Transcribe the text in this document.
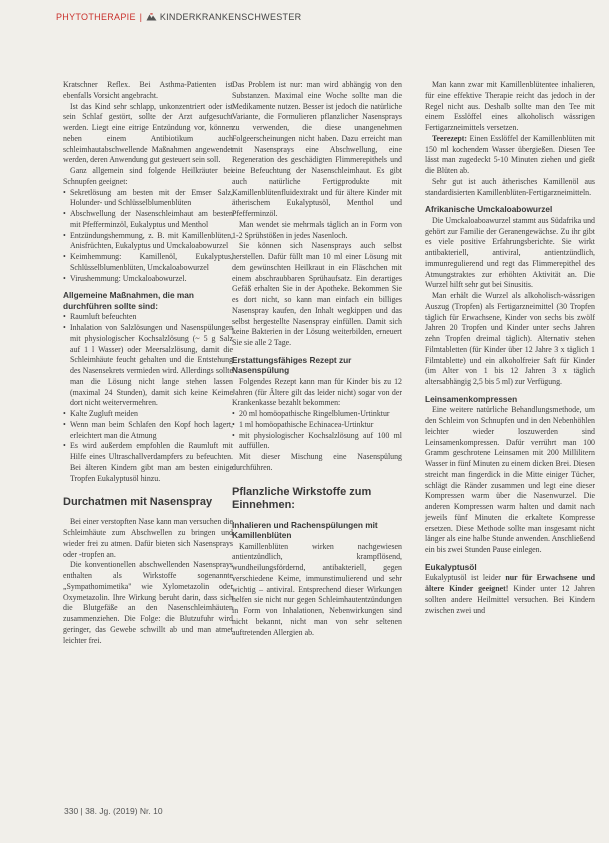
PHYTOTHERAPIE | KINDERKRANKENSCHWESTER

Kratschner Reflex. Bei Asthma-Patienten ist ebenfalls Vorsicht angebracht.

Ist das Kind sehr schlapp, unkonzentriert oder ist sein Schlaf gestört, sollte der Arzt aufgesucht werden. Liegt eine eitrige Entzündung vor, können neben einem Antibiotikum auch schleimhautabschwellende Maßnahmen angewendet werden, deren Anwendung gut gesteuert sein soll.

Ganz allgemein sind folgende Heilkräuter bei Schnupfen geeignet:

• Sekretlösung am besten mit der Emser Salz, Holunder- und Schlüsselblumenblüten
• Abschwellung der Nasenschleimhaut am besten mit Pfefferminzöl, Eukalyptus und Menthol
• Entzündungshemmung, z. B. mit Kamillenblüten, Anisfrüchten, Eukalyptus und Umckaloabowurzel
• Keimhemmung: Kamillenöl, Eukalyptus, Schlüsselblumenblüten, Umckaloabowurzel
• Virushemmung: Umckaloabowurzel.
Allgemeine Maßnahmen, die man durchführen sollte sind:
• Raumluft befeuchten
• Inhalation von Salzlösungen und Nasenspülungen mit physiologischer Kochsalzlösung (~ 5 g Salz auf 1 l Wasser) oder Meersalzlösung, damit die Schleimhäute feucht gehalten und die Entstehung des Nasensekrets vermieden wird. Allerdings sollte man die Lösung nicht lange stehen lassen (maximal 24 Stunden), damit sich keine Keime dort nicht weitervermehren.
• Kalte Zugluft meiden
• Wenn man beim Schlafen den Kopf hoch lagert, erleichtert man die Atmung
• Es wird außerdem empfohlen die Raumluft mit Hilfe eines Ultraschallverdampfers zu befeuchten. Bei älteren Kindern gibt man am besten einige Tropfen Eukalyptusöl hinzu.
Durchatmen mit Nasenspray

Bei einer verstopften Nase kann man versuchen die Schleimhäute zum Abschwellen zu bringen und wieder frei zu atmen. Dafür bieten sich Nasensprays oder -tropfen an.

Die konventionellen abschwellenden Nasensprays enthalten als Wirkstoffe sogenannte „Sympathomimetika" wie Xylometazolin oder Oxymetazolin. Ihre Wirkung beruht darin, dass sich die Blutgefäße an den Nasenschleimhäuten zusammenziehen. Die Folge: die Blutzufuhr wird geringer, das Gewebe schwillt ab und man atmet leichter frei.

Das Problem ist nur: man wird abhängig von den Substanzen. Maximal eine Woche sollte man die Medikamente nutzen. Besser ist jedoch die natürliche Variante, die Formulieren pflanzlicher Nasensprays zu verwenden, die diese unangenehmen Folgeerscheinungen nicht haben. Dazu erreicht man mit Nasensprays eine Abschwellung, eine Regeneration des geschädigten Flimmerepithels und eine Befeuchtung der Nasenschleimhaut. Es gibt auch natürliche Fertigprodukte mit Kamillenblütenfluidextrakt und für ältere Kinder mit ätherischem Eukalyptusöl, Menthol und Pfefferminzöl.

Man wendet sie mehrmals täglich an in Form von 1-2 Sprühstößen in jedes Nasenloch.

Sie können sich Nasensprays auch selbst herstellen. Dafür füllt man 10 ml einer Lösung mit dem gewünschten Heilkraut in ein Fläschchen mit einem abschraubbaren Sprühaufsatz. Ein derartiges Gefäß erhalten Sie in der Apotheke. Bekommen Sie es dort nicht, so kann man einfach ein billiges Nasenspray kaufen, den Inhalt wegkippen und das selbst hergestellte Nasenspray einfüllen. Damit sich keine Bakterien in der Lösung weiterbilden, erneuert Sie sie alle 2 Tage.

Erstattungsfähiges Rezept zur Nasenspülung

Folgendes Rezept kann man für Kinder bis zu 12 Jahren (für Ältere gilt das leider nicht) sogar von der Krankenkasse bezahlt bekommen:

• 20 ml homöopathische Ringelblumen-Urtinktur
• 1 ml homöopathische Echinacea-Urtinktur
• mit physiologischer Kochsalzlösung auf 100 ml auffüllen.

Mit dieser Mischung eine Nasenspülung durchführen.

Pflanzliche Wirkstoffe zum Einnehmen:
Inhalieren und Rachenspülungen mit Kamillenblüten

Kamillenblüten wirken nachgewiesen antientzündlich, krampflösend, wundheilungsfördernd, antibakteriell, gegen verschiedene Keime, immunstimulierend und sehr wichtig – antiviral. Entsprechend dieser Wirkungen helfen sie nicht nur gegen Schleimhautentzündungen in Form von Inhalationen, Nebenwirkungen sind nicht bekannt, nicht man von sehr seltenen auftretenden Allergien ab.

Man kann zwar mit Kamillenblütentee inhalieren, für eine effektive Therapie reicht das jedoch in der Regel nicht aus. Deshalb sollte man den Tee mit einem Esslöffel eines alkoholisch wässrigen Fertigarzneimittels versetzen.

Teerezept: Einen Esslöffel der Kamillenblüten mit 150 ml kochendem Wasser übergießen. Diesen Tee lässt man zugedeckt 5-10 Minuten ziehen und gießt die Blüten ab.

Sehr gut ist auch ätherisches Kamillenöl aus standardisierten Kamillenblüten-Fertigarzneimitteln.

Afrikanische Umckaloabowurzel

Die Umckaloaboawurzel stammt aus Südafrika und gehört zur Familie der Geranengewächse. Zu ihr gibt es viele positive Erfahrungsberichte. Sie wirkt antibakteriell, antiviral, antientzündlich, immunregulierend und regt das Flimmerepithel des Atmungstraktes zur erhöhten Aktivität an. Die Wurzel hilft sehr gut bei Sinusitis.

Man erhält die Wurzel als alkoholisch-wässrigen Auszug (Tropfen) als Fertigarzneimittel (30 Tropfen täglich für Erwachsene, Kinder von sechs bis zwölf Jahren 20 Tropfen und Kinder unter sechs Jahren zehn Tropfen dreimal täglich). Alternativ stehen Filmtabletten (für Kinder über 12 Jahre 3 x täglich 1 Filmtablette) und ein alkoholfreier Saft für Kinder (im Alter von 1 bis 12 Jahren 3 x täglich altersabhängig 2,5 bis 5 ml) zur Verfügung.

Leinsamenkompressen

Eine weitere natürliche Behandlungsmethode, um den Schleim von Schnupfen und in den Nebenhöhlen leichter wieder loszuwerden sind Leinsamenkompressen. Dafür verrührt man 100 Gramm geschrotene Leinsamen mit 200 Millilitern Wasser in fünf Minuten zu einem dicken Brei. Diesen streicht man fingerdick in die Mitte einiger Tücher, schlägt die Ränder zusammen und legt eine dieser Kompressen warm über die Nasenwurzel. Die anderen Kompressen warm halten und damit nach jeweils fünf Minuten die erkaltete Kompresse ersetzen. Diese Methode sollte man insgesamt nicht länger als eine halbe Stunde anwenden. Anschließend ein bis zwei Stunden Pause einlegen.

Eukalyptusöl

Eukalyptusöl ist leider nur für Erwachsene und ältere Kinder geeignet! Kinder unter 12 Jahren sollten andere Heilmittel versuchen. Bei Kindern zwischen zwei und

330 | 38. Jg. (2019) Nr. 10
